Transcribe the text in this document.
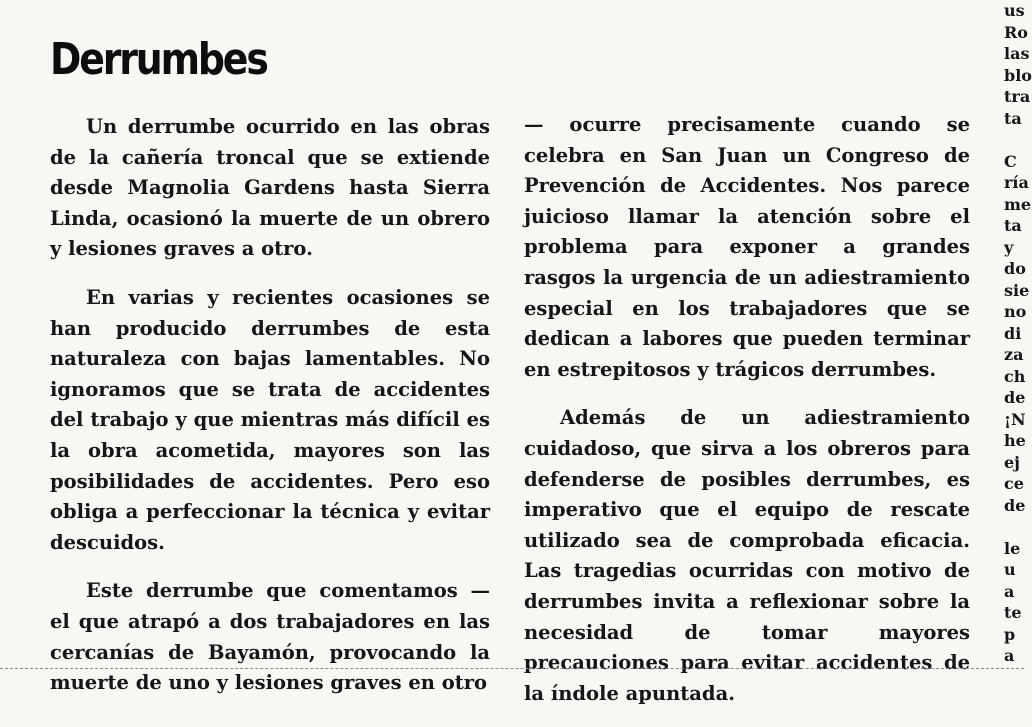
Derrumbes

Un derrumbe ocurrido en las obras de la cañería troncal que se extiende desde Magnolia Gardens hasta Sierra Linda, ocasionó la muerte de un obrero y lesiones graves a otro.

En varias y recientes ocasiones se han producido derrumbes de esta naturaleza con bajas lamentables. No ignoramos que se trata de accidentes del trabajo y que mientras más difícil es la obra acometida, mayores son las posibilidades de accidentes. Pero eso obliga a perfeccionar la técnica y evitar descuidos.

Este derrumbe que comentamos — el que atrapó a dos trabajadores en las cercanías de Bayamón, provocando la muerte de uno y lesiones graves en otro

— ocurre precisamente cuando se celebra en San Juan un Congreso de Prevención de Accidentes. Nos parece juicioso llamar la atención sobre el problema para exponer a grandes rasgos la urgencia de un adiestramiento especial en los trabajadores que se dedican a labores que pueden terminar en estrepitosos y trágicos derrumbes.

Además de un adiestramiento cuidadoso, que sirva a los obreros para defenderse de posibles derrumbes, es imperativo que el equipo de rescate utilizado sea de comprobada eficacia. Las tragedias ocurridas con motivo de derrumbes invita a reflexionar sobre la necesidad de tomar mayores precauciones para evitar accidentes de la índole apuntada.

us
Ro
las
blo
tra
ta

C
ría
me
ta
y
do
sie
no
di
za
ch
de
¡N
he
ej
ce
de

le
u
a
te
p
a
